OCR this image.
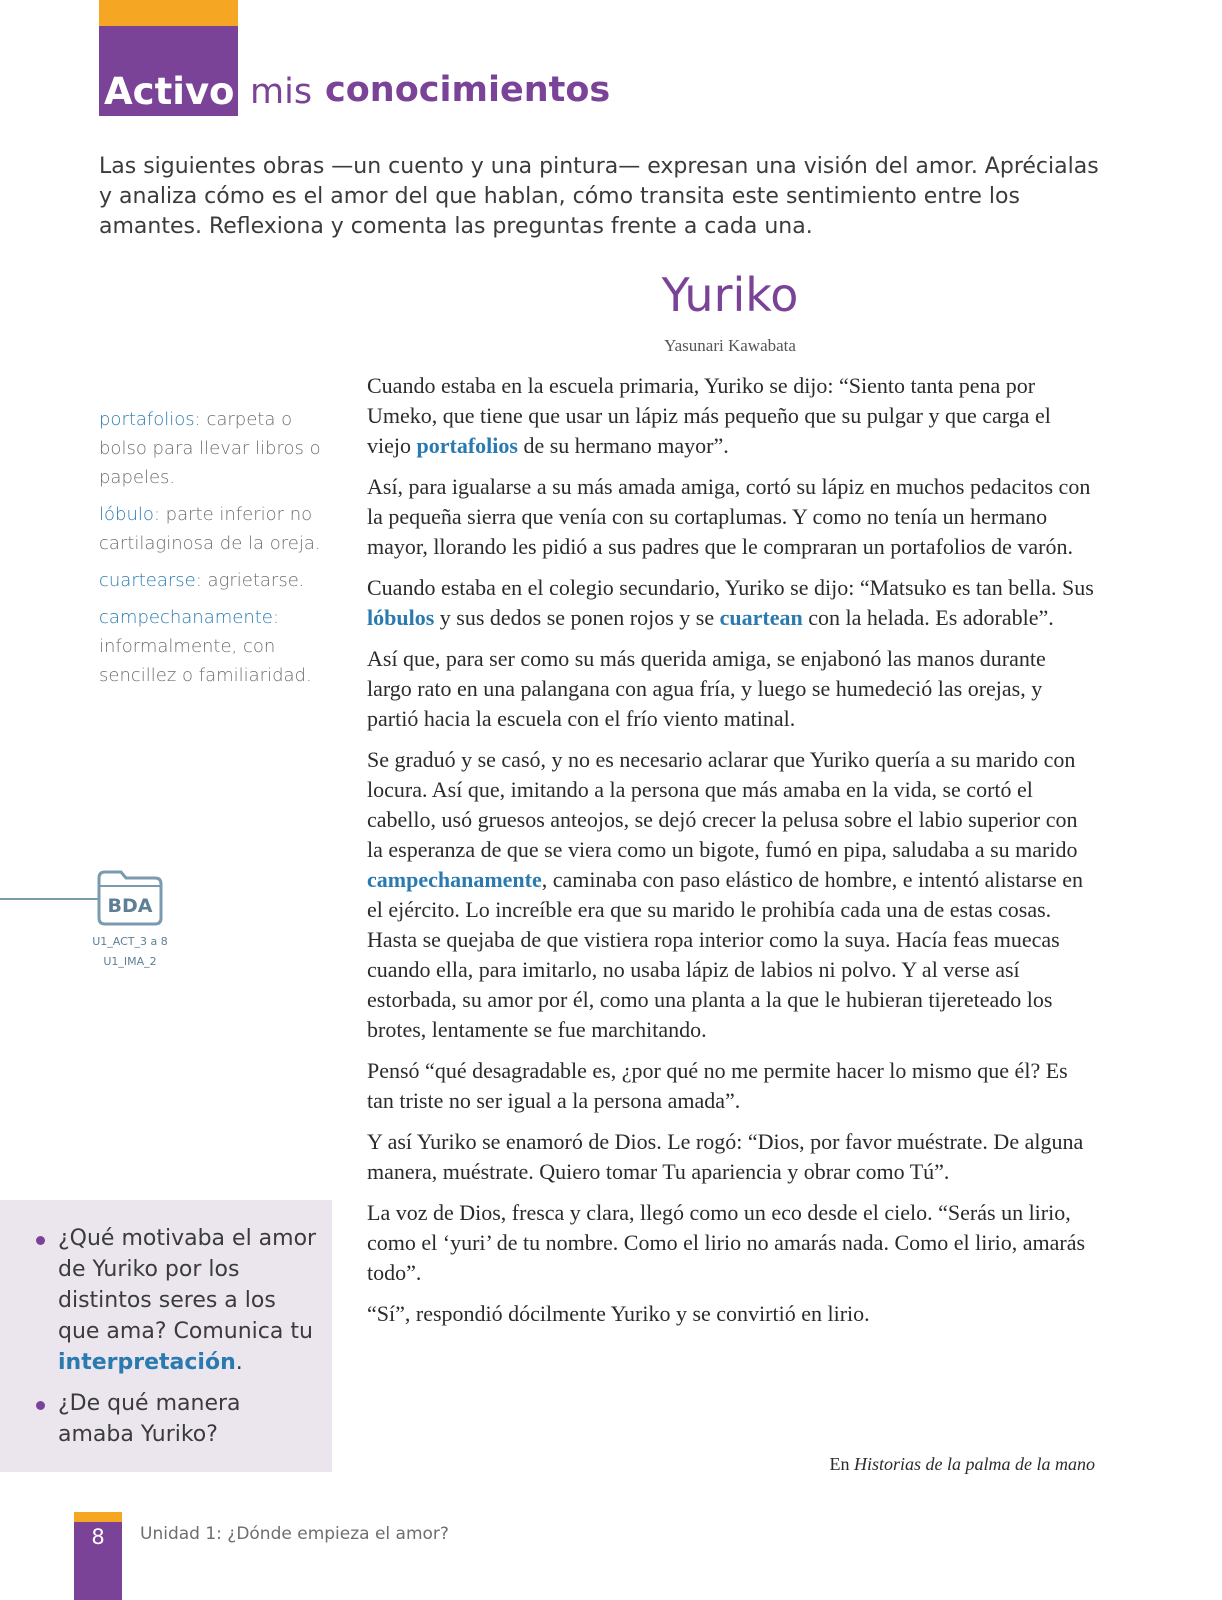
Activo mis conocimientos
Las siguientes obras —un cuento y una pintura— expresan una visión del amor. Aprécialas y analiza cómo es el amor del que hablan, cómo transita este sentimiento entre los amantes. Reflexiona y comenta las preguntas frente a cada una.
Yuriko
Yasunari Kawabata

Cuando estaba en la escuela primaria, Yuriko se dijo: “Siento tanta pena por Umeko, que tiene que usar un lápiz más pequeño que su pulgar y que carga el viejo portafolios de su hermano mayor”.

Así, para igualarse a su más amada amiga, cortó su lápiz en muchos pedacitos con la pequeña sierra que venía con su cortaplumas. Y como no tenía un hermano mayor, llorando les pidió a sus padres que le compraran un portafolios de varón.

Cuando estaba en el colegio secundario, Yuriko se dijo: “Matsuko es tan bella. Sus lóbulos y sus dedos se ponen rojos y se cuartean con la helada. Es adorable”.

Así que, para ser como su más querida amiga, se enjabonó las manos durante largo rato en una palangana con agua fría, y luego se humedeció las orejas, y partió hacia la escuela con el frío viento matinal.

Se graduó y se casó, y no es necesario aclarar que Yuriko quería a su marido con locura. Así que, imitando a la persona que más amaba en la vida, se cortó el cabello, usó gruesos anteojos, se dejó crecer la pelusa sobre el labio superior con la esperanza de que se viera como un bigote, fumó en pipa, saludaba a su marido campechanamente, caminaba con paso elástico de hombre, e intentó alistarse en el ejército. Lo increíble era que su marido le prohibía cada una de estas cosas. Hasta se quejaba de que vistiera ropa interior como la suya. Hacía feas muecas cuando ella, para imitarlo, no usaba lápiz de labios ni polvo. Y al verse así estorbada, su amor por él, como una planta a la que le hubieran tijereteado los brotes, lentamente se fue marchitando.

Pensó “qué desagradable es, ¿por qué no me permite hacer lo mismo que él? Es tan triste no ser igual a la persona amada”.

Y así Yuriko se enamoró de Dios. Le rogó: “Dios, por favor muéstrate. De alguna manera, muéstrate. Quiero tomar Tu apariencia y obrar como Tú”.

La voz de Dios, fresca y clara, llegó como un eco desde el cielo. “Serás un lirio, como el ‘yuri’ de tu nombre. Como el lirio no amarás nada. Como el lirio, amarás todo”.

“Sí”, respondió dócilmente Yuriko y se convirtió en lirio.

En Historias de la palma de la mano
portafolios: carpeta o bolso para llevar libros o papeles.
lóbulo: parte inferior no cartilaginosa de la oreja.
cuartearse: agrietarse.
campechanamente: informalmente, con sencillez o familiaridad.
BDA
U1_ACT_3 a 8
U1_IMA_2
¿Qué motivaba el amor de Yuriko por los distintos seres a los que ama? Comunica tu interpretación.
¿De qué manera amaba Yuriko?
8	Unidad 1: ¿Dónde empieza el amor?
